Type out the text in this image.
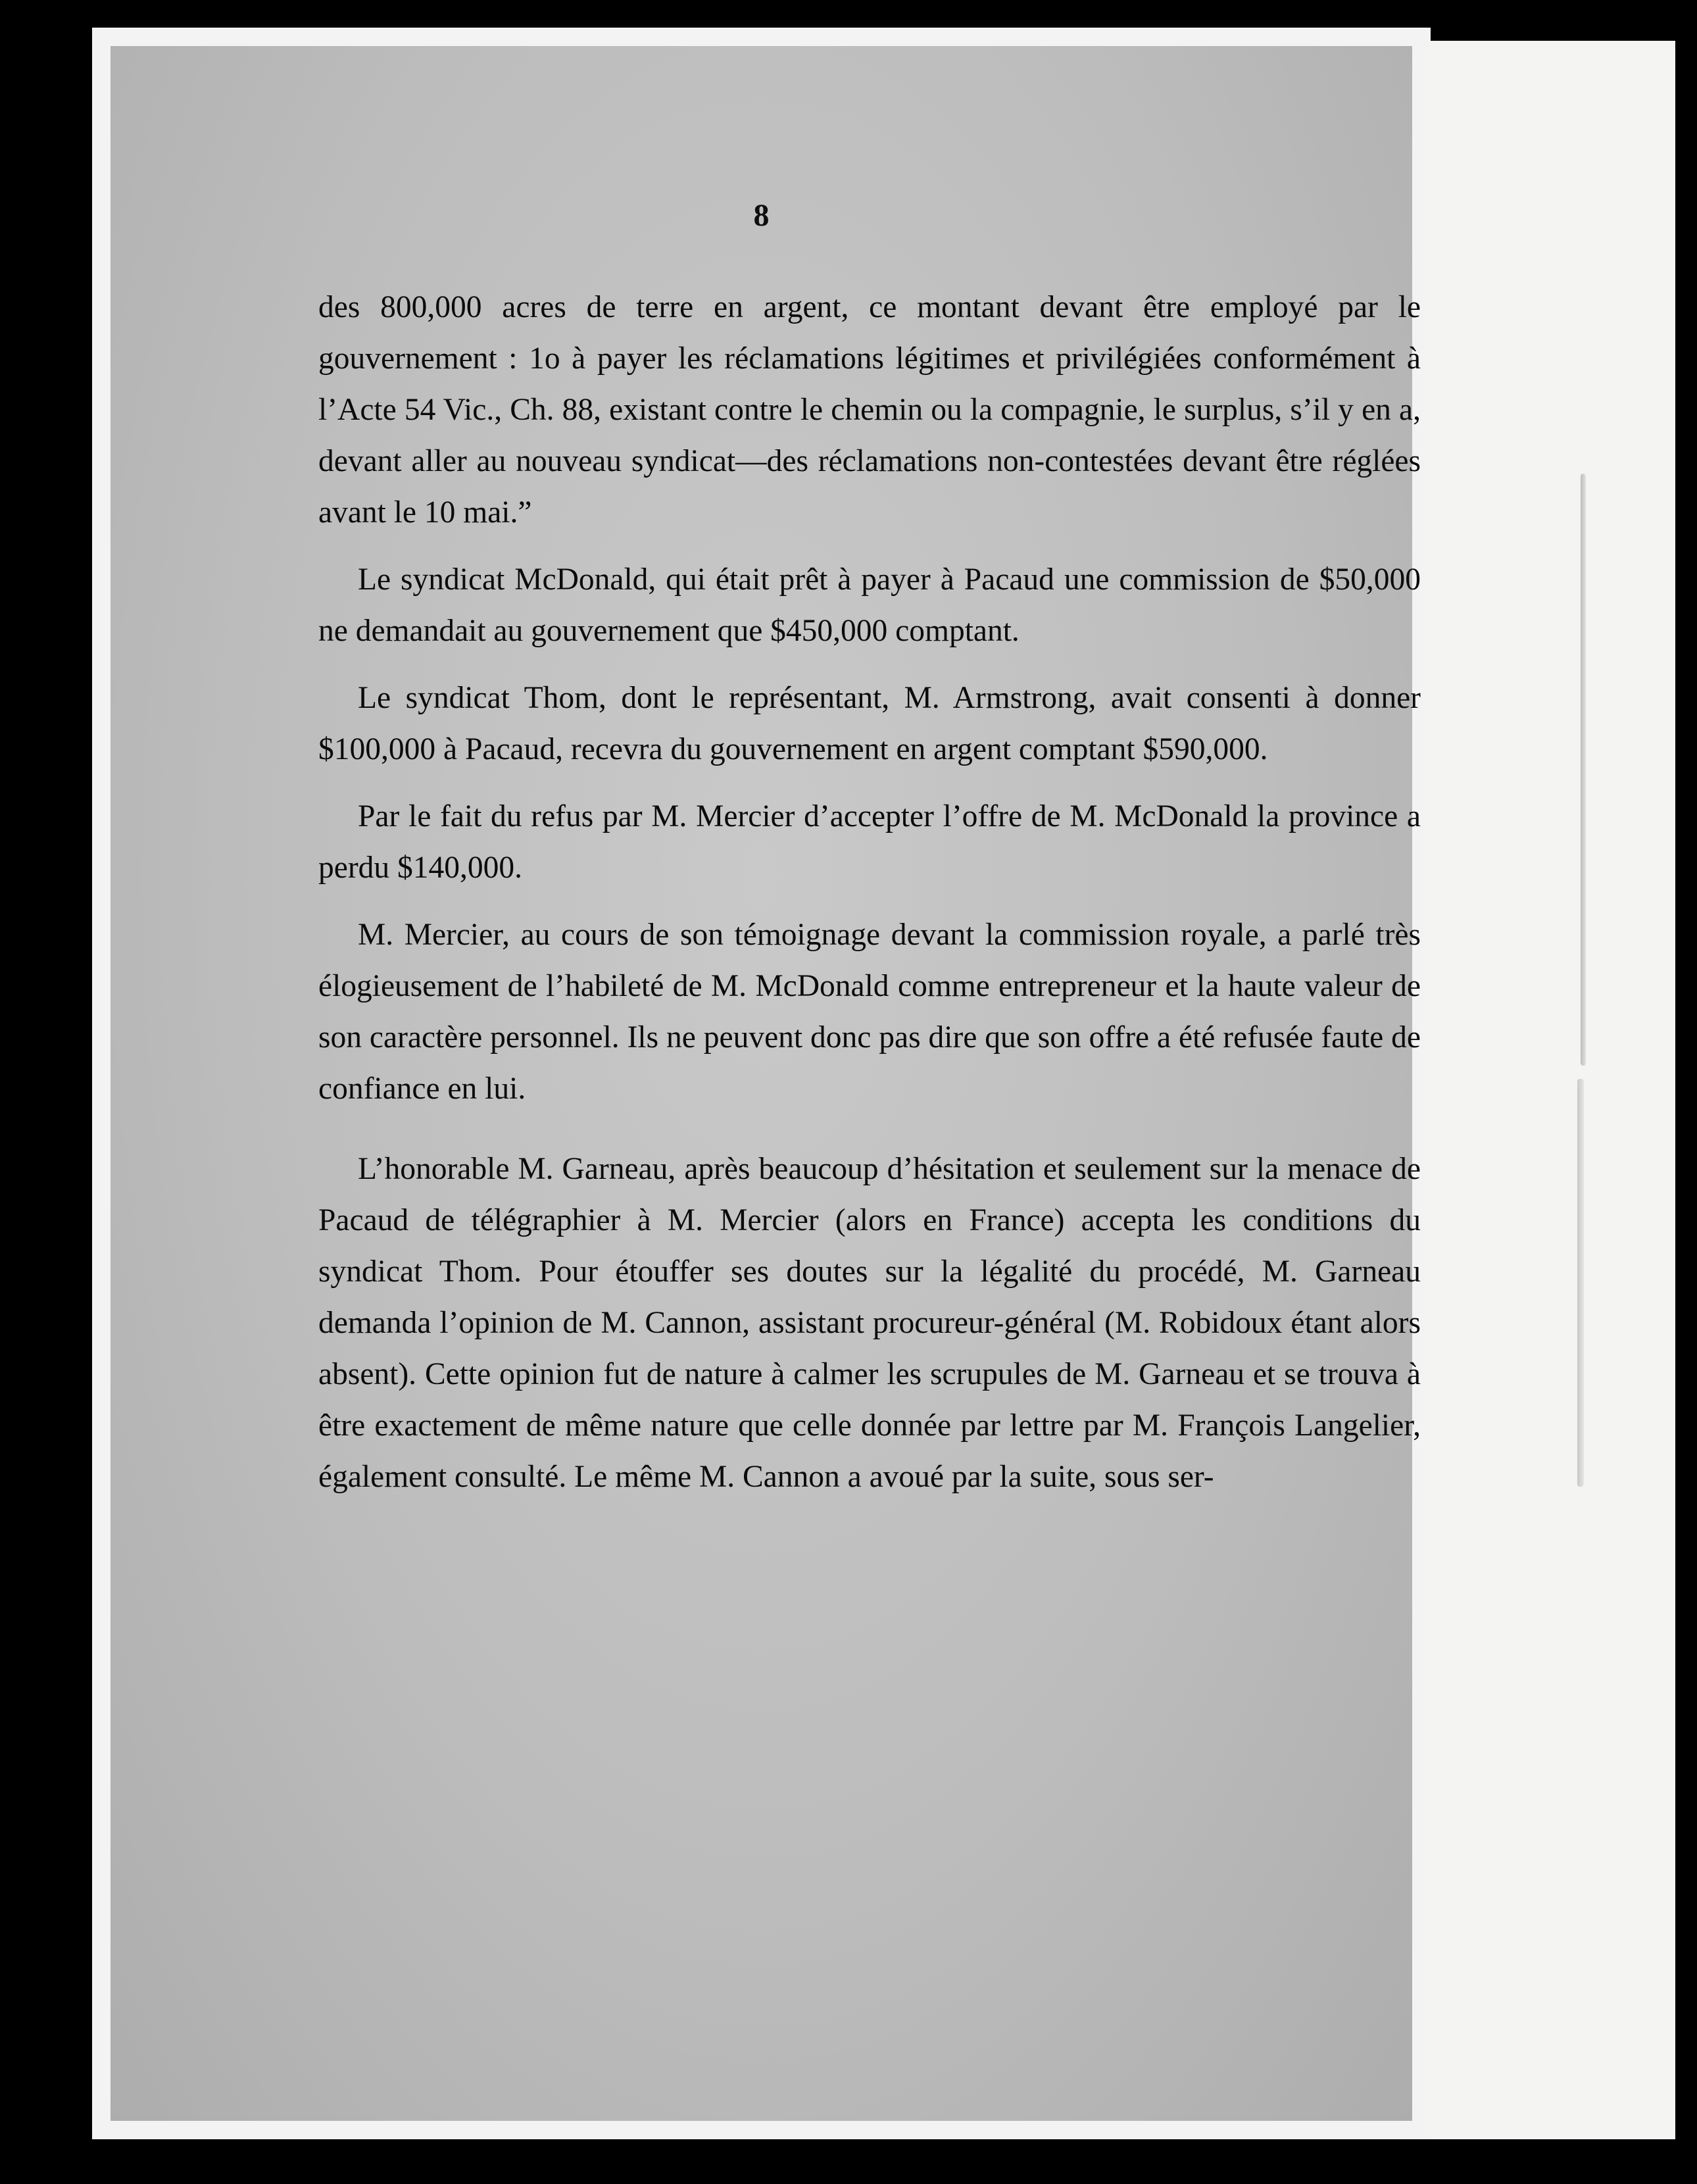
8

des 800,000 acres de terre en argent, ce montant devant être employé par le gouvernement : 1o à payer les réclamations légitimes et privilégiées conformément à l’Acte 54 Vic., Ch. 88, existant contre le chemin ou la compagnie, le surplus, s’il y en a, devant aller au nouveau syndicat—des réclamations non-contestées devant être réglées avant le 10 mai.”

Le syndicat McDonald, qui était prêt à payer à Pacaud une commission de $50,000 ne demandait au gouvernement que $450,000 comptant.

Le syndicat Thom, dont le représentant, M. Armstrong, avait consenti à donner $100,000 à Pacaud, recevra du gouvernement en argent comptant $590,000.

Par le fait du refus par M. Mercier d’accepter l’offre de M. McDonald la province a perdu $140,000.

M. Mercier, au cours de son témoignage devant la commission royale, a parlé très élogieusement de l’habileté de M. McDonald comme entrepreneur et la haute valeur de son caractère personnel. Ils ne peuvent donc pas dire que son offre a été refusée faute de confiance en lui.

L’honorable M. Garneau, après beaucoup d’hésitation et seulement sur la menace de Pacaud de télégraphier à M. Mercier (alors en France) accepta les conditions du syndicat Thom. Pour étouffer ses doutes sur la légalité du procédé, M. Garneau demanda l’opinion de M. Cannon, assistant procureur-général (M. Robidoux étant alors absent). Cette opinion fut de nature à calmer les scrupules de M. Garneau et se trouva à être exactement de même nature que celle donnée par lettre par M. François Langelier, également consulté. Le même M. Cannon a avoué par la suite, sous ser-
